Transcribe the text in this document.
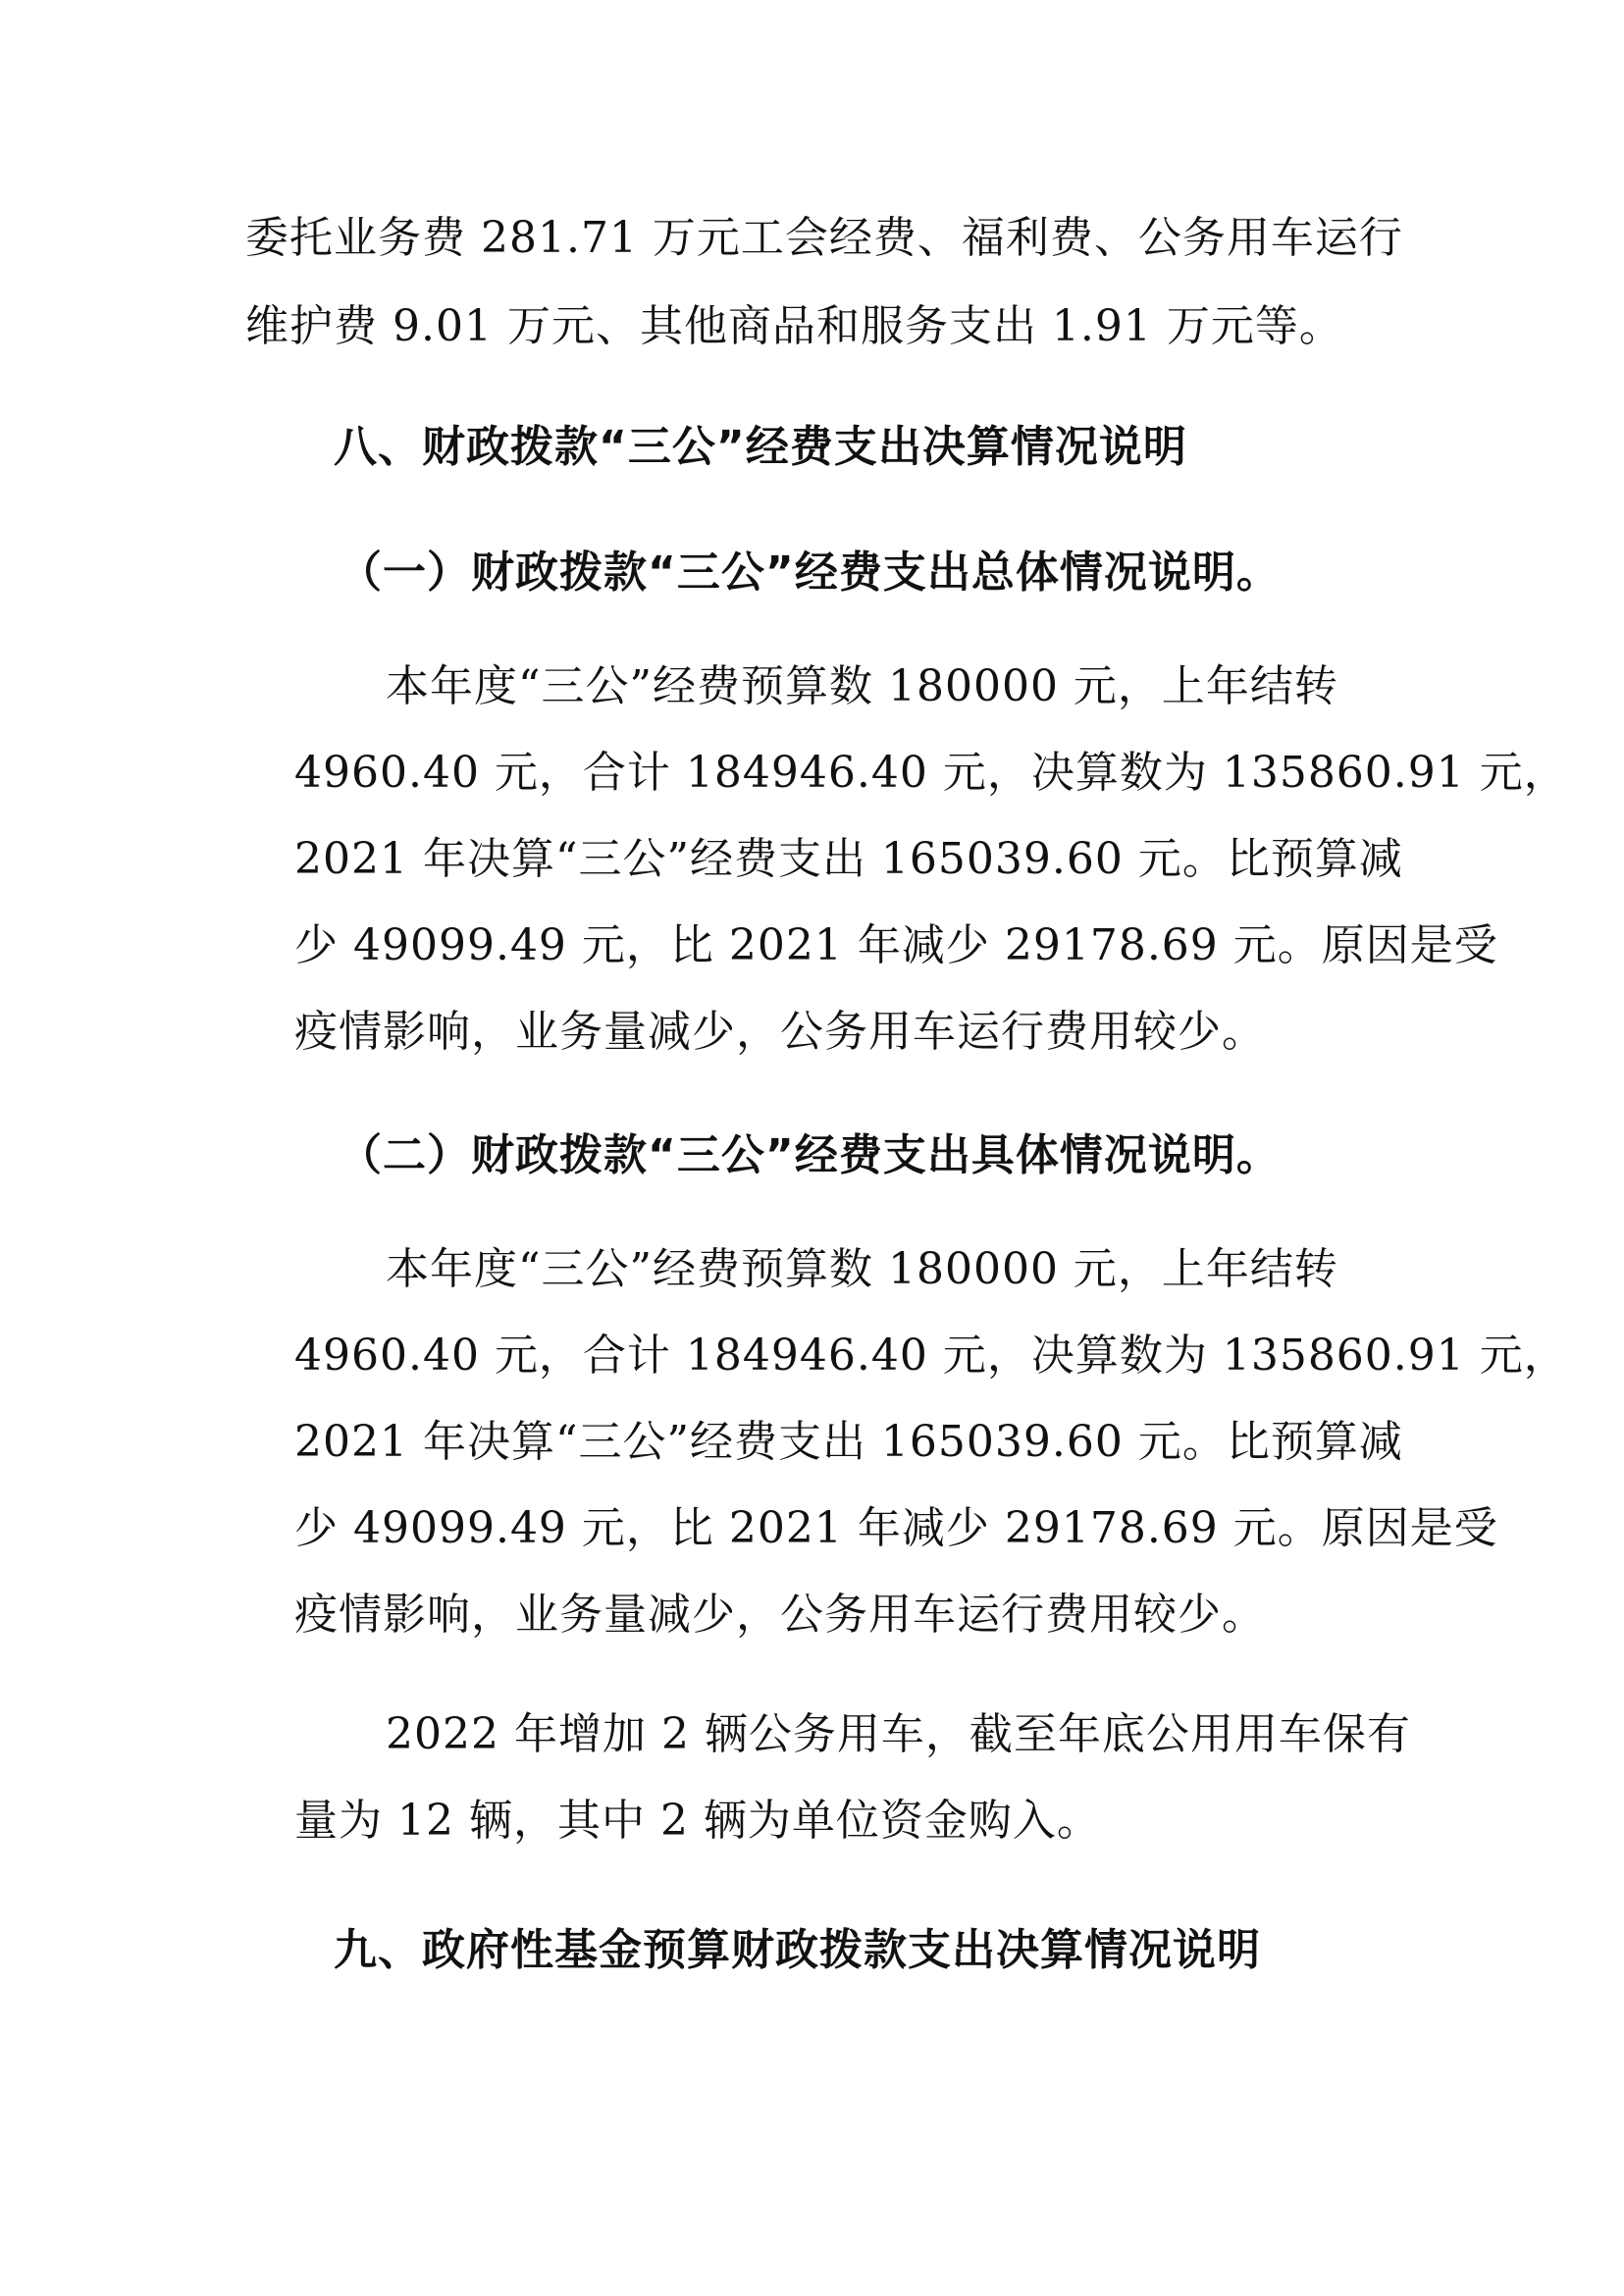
委托业务费 281.71 万元工会经费、福利费、公务用车运行
维护费 9.01 万元、其他商品和服务支出 1.91 万元等。
八、财政拨款“三公”经费支出决算情况说明
（一）财政拨款“三公”经费支出总体情况说明。
本年度“三公”经费预算数 180000 元，上年结转
4960.40 元，合计 184946.40 元，决算数为 135860.91 元，
2021 年决算“三公”经费支出 165039.60 元。比预算减
少 49099.49 元，比 2021 年减少 29178.69 元。原因是受
疫情影响，业务量减少，公务用车运行费用较少。
（二）财政拨款“三公”经费支出具体情况说明。
本年度“三公”经费预算数 180000 元，上年结转
4960.40 元，合计 184946.40 元，决算数为 135860.91 元，
2021 年决算“三公”经费支出 165039.60 元。比预算减
少 49099.49 元，比 2021 年减少 29178.69 元。原因是受
疫情影响，业务量减少，公务用车运行费用较少。
2022 年增加 2 辆公务用车，截至年底公用用车保有
量为 12 辆，其中 2 辆为单位资金购入。
九、政府性基金预算财政拨款支出决算情况说明
